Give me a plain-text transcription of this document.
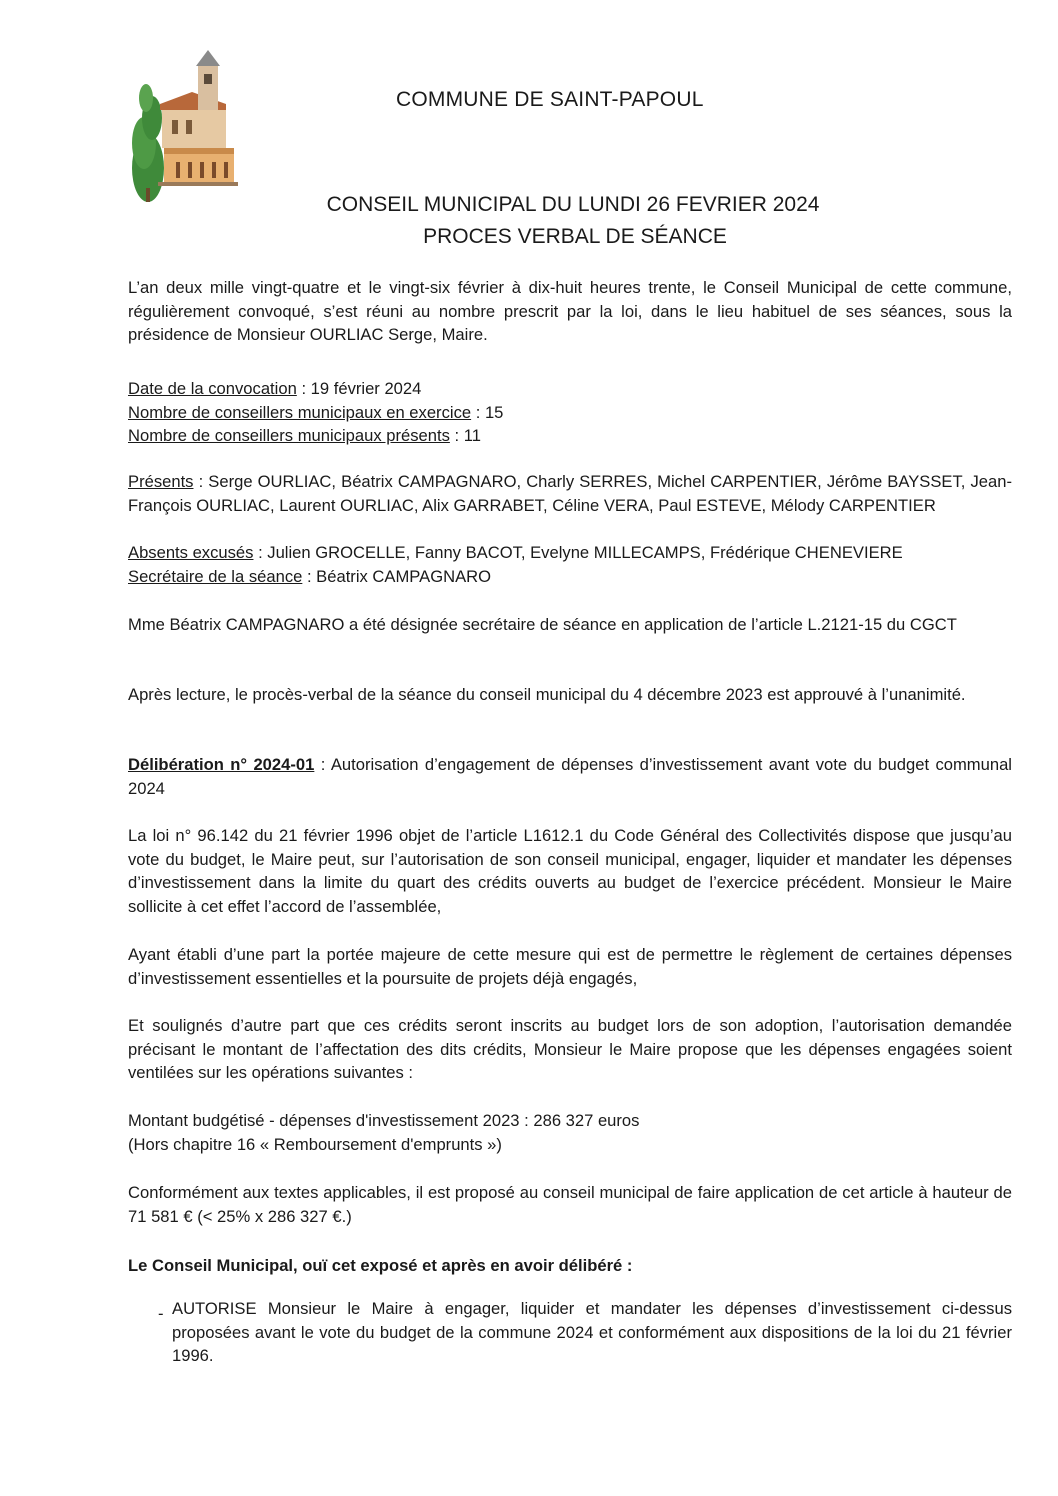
COMMUNE DE SAINT-PAPOUL
CONSEIL MUNICIPAL DU LUNDI 26 FEVRIER 2024
PROCES VERBAL DE SÉANCE
L’an deux mille vingt-quatre et le vingt-six février à dix-huit heures trente, le Conseil Municipal de cette commune, régulièrement convoqué, s’est réuni au nombre prescrit par la loi, dans le lieu habituel de ses séances, sous la présidence de Monsieur OURLIAC Serge, Maire.
Date de la convocation : 19 février 2024
Nombre de conseillers municipaux en exercice : 15
Nombre de conseillers municipaux présents : 11
Présents : Serge OURLIAC, Béatrix CAMPAGNARO, Charly SERRES, Michel CARPENTIER, Jérôme BAYSSET, Jean-François OURLIAC, Laurent OURLIAC, Alix GARRABET, Céline VERA, Paul ESTEVE, Mélody CARPENTIER
Absents excusés : Julien GROCELLE, Fanny BACOT, Evelyne MILLECAMPS, Frédérique CHENEVIERE
Secrétaire de la séance : Béatrix CAMPAGNARO
Mme Béatrix CAMPAGNARO a été désignée secrétaire de séance en application de l’article L.2121-15 du CGCT
Après lecture, le procès-verbal de la séance du conseil municipal du 4 décembre 2023 est approuvé à l’unanimité.
Délibération n° 2024-01 : Autorisation d’engagement de dépenses d’investissement avant vote du budget communal 2024
La loi n° 96.142 du 21 février 1996 objet de l’article L1612.1 du Code Général des Collectivités dispose que jusqu’au vote du budget, le Maire peut, sur l’autorisation de son conseil municipal, engager, liquider et mandater les dépenses d’investissement dans la limite du quart des crédits ouverts au budget de l’exercice précédent. Monsieur le Maire sollicite à cet effet l’accord de l’assemblée,
Ayant établi d’une part la portée majeure de cette mesure qui est de permettre le règlement de certaines dépenses d’investissement essentielles et la poursuite de projets déjà engagés,
Et soulignés d’autre part que ces crédits seront inscrits au budget lors de son adoption, l’autorisation demandée précisant le montant de l’affectation des dits crédits, Monsieur le Maire propose que les dépenses engagées soient ventilées sur les opérations suivantes :
Montant budgétisé - dépenses d'investissement 2023 : 286 327 euros
(Hors chapitre 16 « Remboursement d'emprunts »)
Conformément aux textes applicables, il est proposé au conseil municipal de faire application de cet article à hauteur de 71 581 € (< 25% x 286 327 €.)
Le Conseil Municipal, ouï cet exposé et après en avoir délibéré :
- AUTORISE Monsieur le Maire à engager, liquider et mandater les dépenses d’investissement ci-dessus proposées avant le vote du budget de la commune 2024 et conformément aux dispositions de la loi du 21 février 1996.
